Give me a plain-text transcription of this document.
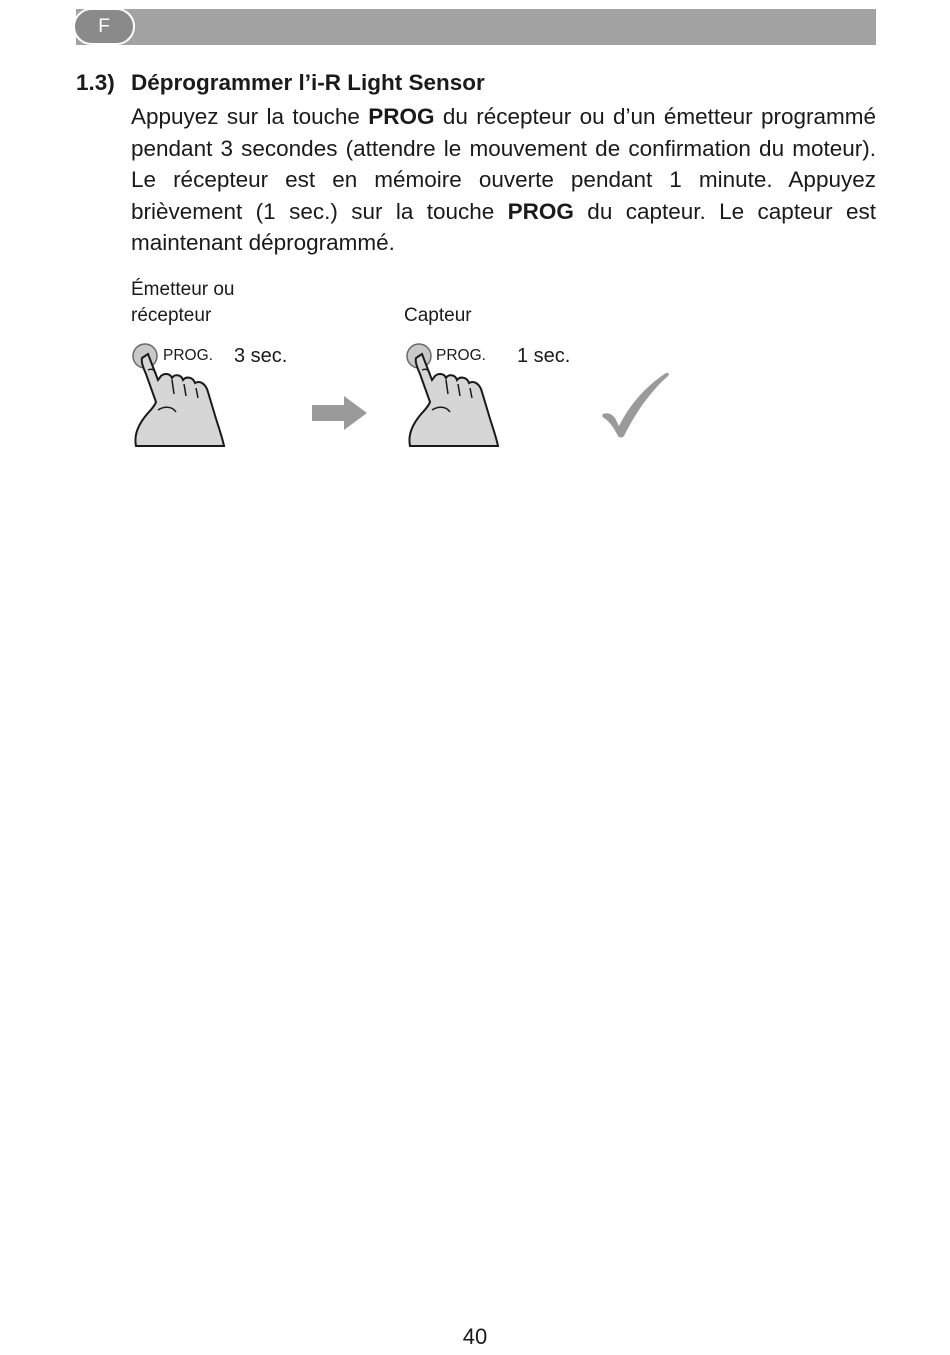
F
1.3) Déprogrammer l’i-R Light Sensor
Appuyez sur la touche PROG du récepteur ou d’un émetteur programmé pendant 3 secondes (attendre le mouvement de confirmation du moteur). Le récepteur est en mémoire ouverte pendant 1 minute. Appuyez brièvement (1 sec.) sur la touche PROG du capteur. Le capteur est maintenant déprogrammé.
Émetteur ou
récepteur
PROG. 3 sec.
Capteur
PROG. 1 sec.
40
